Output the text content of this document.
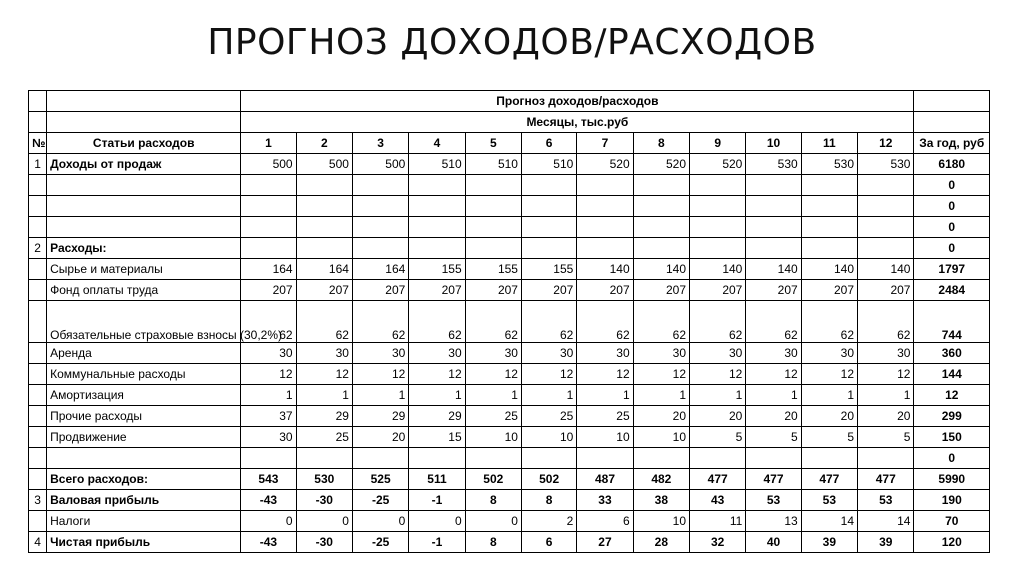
ПРОГНОЗ ДОХОДОВ/РАСХОДОВ
		Прогноз доходов/расходов												
		Месяцы, тыс.руб												
№	Статьи расходов	1	2	3	4	5	6	7	8	9	10	11	12	За год, руб
1	Доходы от продаж	500	500	500	510	510	510	520	520	520	530	530	530	6180
														0
														0
														0
2	Расходы:													0
	Сырье и материалы	164	164	164	155	155	155	140	140	140	140	140	140	1797
	Фонд оплаты труда	207	207	207	207	207	207	207	207	207	207	207	207	2484
	Обязательные страховые взносы (30,2%)	62	62	62	62	62	62	62	62	62	62	62	62	744
	Аренда	30	30	30	30	30	30	30	30	30	30	30	30	360
	Коммунальные расходы	12	12	12	12	12	12	12	12	12	12	12	12	144
	Амортизация	1	1	1	1	1	1	1	1	1	1	1	1	12
	Прочие расходы	37	29	29	29	25	25	25	20	20	20	20	20	299
	Продвижение	30	25	20	15	10	10	10	10	5	5	5	5	150
														0
	Всего расходов:	543	530	525	511	502	502	487	482	477	477	477	477	5990
3	Валовая прибыль	-43	-30	-25	-1	8	8	33	38	43	53	53	53	190
	Налоги	0	0	0	0	0	2	6	10	11	13	14	14	70
4	Чистая прибыль	-43	-30	-25	-1	8	6	27	28	32	40	39	39	120
